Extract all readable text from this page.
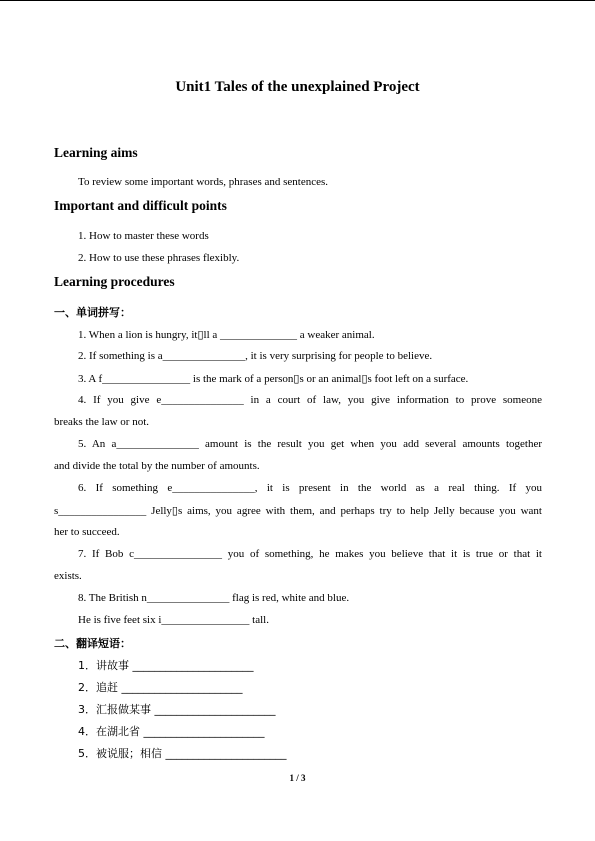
Unit1 Tales of the unexplained Project
Learning aims
To review some important words, phrases and sentences.
Important and difficult points
1. How to master these words
2. How to use these phrases flexibly.
Learning procedures
一、单词拼写：
1. When a lion is hungry, it▯ll a ______________ a weaker animal.
2. If something is a_______________, it is very surprising for people to believe.
3. A f________________ is the mark of a person▯s or an animal▯s foot left on a surface.
4. If you give e_______________ in a court of law, you give information to prove someone
breaks the law or not.
5. An a_______________ amount is the result you get when you add several amounts together
and divide the total by the number of amounts.
6. If something e_______________, it is present in the world as a real thing. If you
s________________ Jelly▯s aims, you agree with them, and perhaps try to help Jelly because you want
her to succeed.
7. If Bob c________________ you of something, he makes you believe that it is true or that it
exists.
8. The British n_______________ flag is red, white and blue.
He is five feet six i________________ tall.
二、翻译短语：
1．讲故事 ______________________
2．追赶 ______________________
3．汇报做某事 ______________________
4．在湖北省 ______________________
5．被说服；相信 ______________________
1 / 3
